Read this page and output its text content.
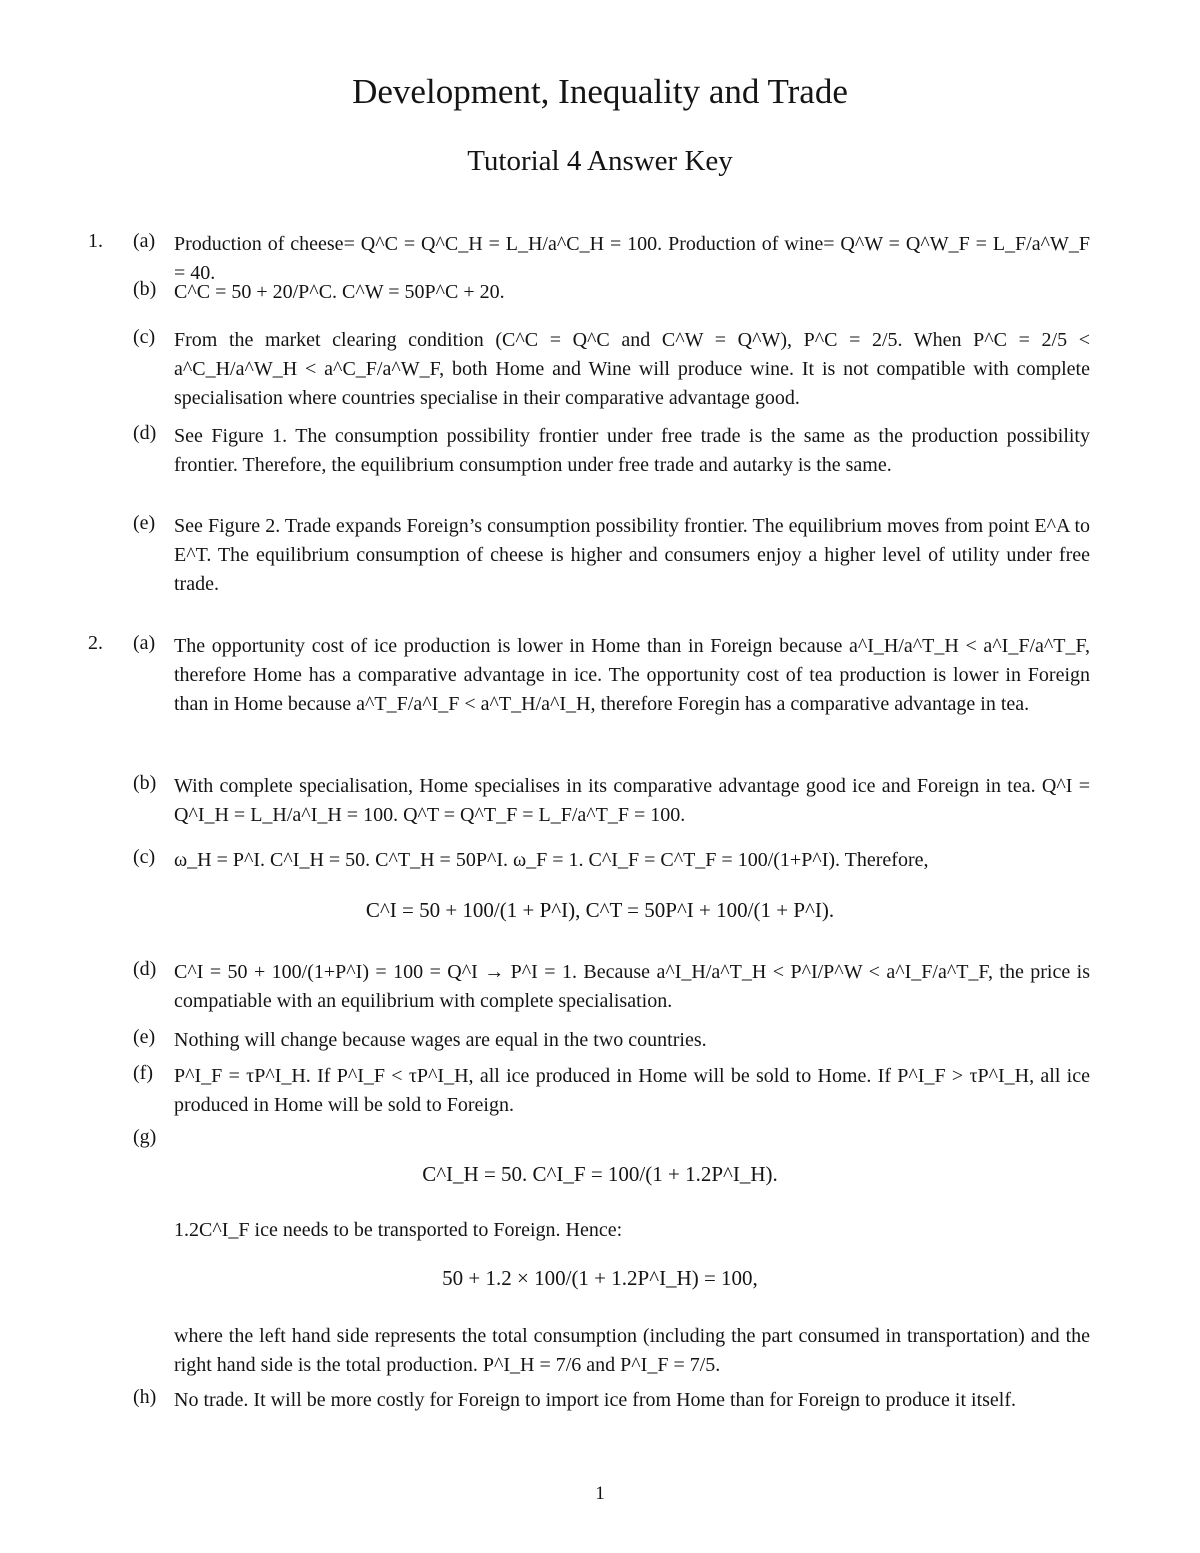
Development, Inequality and Trade
Tutorial 4 Answer Key
1. (a) Production of cheese= Q^C = Q^C_H = L_H/a^C_H = 100. Production of wine= Q^W = Q^W_F = L_F/a^W_F = 40.
(b) C^C = 50 + 20/P^C. C^W = 50P^C + 20.
(c) From the market clearing condition (C^C = Q^C and C^W = Q^W), P^C = 2/5. When P^C = 2/5 < a^C_H/a^W_H < a^C_F/a^W_F, both Home and Wine will produce wine. It is not compatible with complete specialisation where countries specialise in their comparative advantage good.
(d) See Figure 1. The consumption possibility frontier under free trade is the same as the production possibility frontier. Therefore, the equilibrium consumption under free trade and autarky is the same.
(e) See Figure 2. Trade expands Foreign’s consumption possibility frontier. The equilibrium moves from point E^A to E^T. The equilibrium consumption of cheese is higher and consumers enjoy a higher level of utility under free trade.
2. (a) The opportunity cost of ice production is lower in Home than in Foreign because a^I_H/a^T_H < a^I_F/a^T_F, therefore Home has a comparative advantage in ice. The opportunity cost of tea production is lower in Foreign than in Home because a^T_F/a^I_F < a^T_H/a^I_H, therefore Foregin has a comparative advantage in tea.
(b) With complete specialisation, Home specialises in its comparative advantage good ice and Foreign in tea. Q^I = Q^I_H = L_H/a^I_H = 100. Q^T = Q^T_F = L_F/a^T_F = 100.
(c) ω_H = P^I. C^I_H = 50. C^T_H = 50P^I. ω_F = 1. C^I_F = C^T_F = 100/(1+P^I). Therefore,
C^I = 50 + 100/(1 + P^I), C^T = 50P^I + 100/(1 + P^I).
(d) C^I = 50 + 100/(1+P^I) = 100 = Q^I → P^I = 1. Because a^I_H/a^T_H < P^I/P^W < a^I_F/a^T_F, the price is compatiable with an equilibrium with complete specialisation.
(e) Nothing will change because wages are equal in the two countries.
(f) P^I_F = τP^I_H. If P^I_F < τP^I_H, all ice produced in Home will be sold to Home. If P^I_F > τP^I_H, all ice produced in Home will be sold to Foreign.
(g)
C^I_H = 50. C^I_F = 100/(1 + 1.2P^I_H).
1.2C^I_F ice needs to be transported to Foreign. Hence:
50 + 1.2 × 100/(1 + 1.2P^I_H) = 100,
where the left hand side represents the total consumption (including the part consumed in transportation) and the right hand side is the total production. P^I_H = 7/6 and P^I_F = 7/5.
(h) No trade. It will be more costly for Foreign to import ice from Home than for Foreign to produce it itself.
1
